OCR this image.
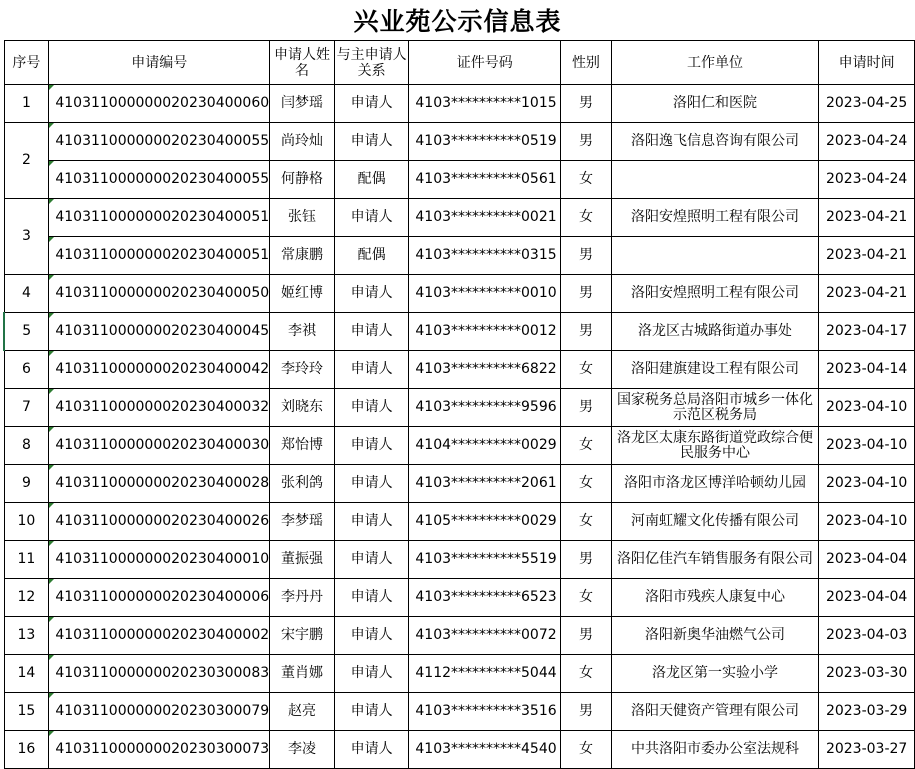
兴业苑公示信息表
序号	申请编号	申请人姓名	与主申请人关系	证件号码	性别	工作单位	申请时间
1	410311000000020230400060	闫梦瑶	申请人	4103**********1015	男	洛阳仁和医院	2023-04-25
2	410311000000020230400055	尚玲灿	申请人	4103**********0519	男	洛阳逸飞信息咨询有限公司	2023-04-24
	410311000000020230400055	何静格	配偶	4103**********0561	女		2023-04-24
3	410311000000020230400051	张钰	申请人	4103**********0021	女	洛阳安煌照明工程有限公司	2023-04-21
	410311000000020230400051	常康鹏	配偶	4103**********0315	男		2023-04-21
4	410311000000020230400050	姬红博	申请人	4103**********0010	男	洛阳安煌照明工程有限公司	2023-04-21
5	410311000000020230400045	李祺	申请人	4103**********0012	男	洛龙区古城路街道办事处	2023-04-17
6	410311000000020230400042	李玲玲	申请人	4103**********6822	女	洛阳建旗建设工程有限公司	2023-04-14
7	410311000000020230400032	刘晓东	申请人	4103**********9596	男	国家税务总局洛阳市城乡一体化示范区税务局	2023-04-10
8	410311000000020230400030	郑怡博	申请人	4104**********0029	女	洛龙区太康东路街道党政综合便民服务中心	2023-04-10
9	410311000000020230400028	张利鸽	申请人	4103**********2061	女	洛阳市洛龙区博洋哈顿幼儿园	2023-04-10
10	410311000000020230400026	李梦瑶	申请人	4105**********0029	女	河南虹耀文化传播有限公司	2023-04-10
11	410311000000020230400010	董振强	申请人	4103**********5519	男	洛阳亿佳汽车销售服务有限公司	2023-04-04
12	410311000000020230400006	李丹丹	申请人	4103**********6523	女	洛阳市残疾人康复中心	2023-04-04
13	410311000000020230400002	宋宇鹏	申请人	4103**********0072	男	洛阳新奥华油燃气公司	2023-04-03
14	410311000000020230300083	董肖娜	申请人	4112**********5044	女	洛龙区第一实验小学	2023-03-30
15	410311000000020230300079	赵亮	申请人	4103**********3516	男	洛阳天健资产管理有限公司	2023-03-29
16	410311000000020230300073	李凌	申请人	4103**********4540	女	中共洛阳市委办公室法规科	2023-03-27
